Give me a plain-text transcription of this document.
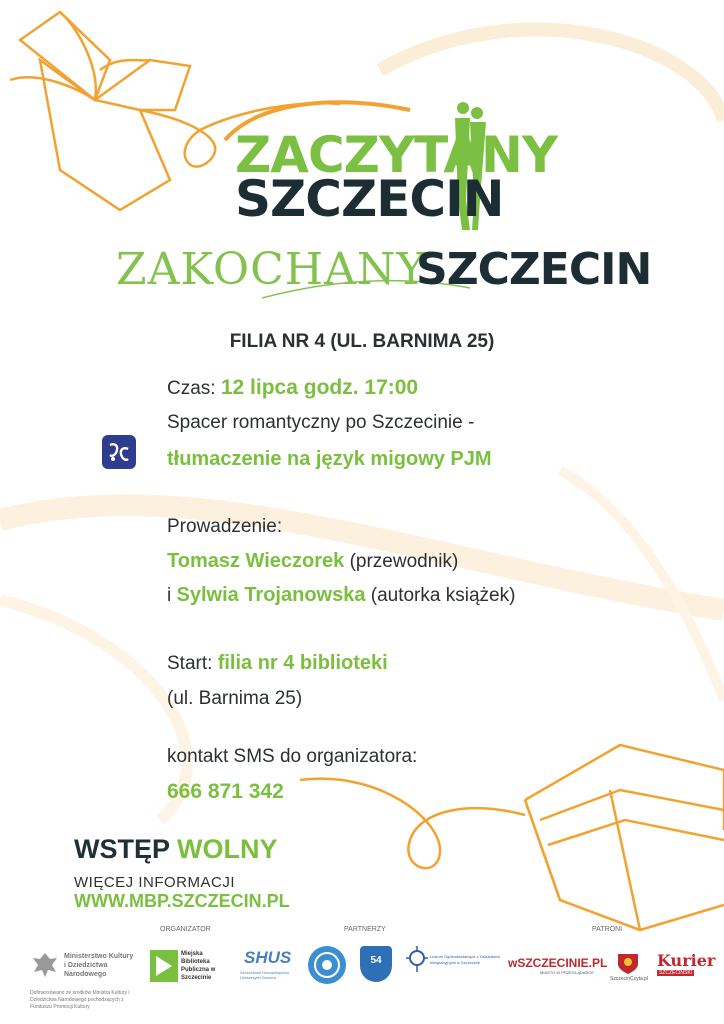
ZACZYTANY
SZCZECIN
ZAKOCHANY
SZCZECIN
FILIA NR 4 (UL. BARNIMA 25)
Czas: 12 lipca godz. 17:00
Spacer romantyczny po Szczecinie -
tłumaczenie na język migowy PJM
Prowadzenie:
Tomasz Wieczorek (przewodnik)
i Sylwia Trojanowska (autorka książek)
Start: filia nr 4 biblioteki
(ul. Barnima 25)
kontakt SMS do organizatora:
666 871 342
WSTĘP WOLNY
WIĘCEJ INFORMACJI
WWW.MBP.SZCZECIN.PL
ORGANIZATOR	PARTNERZY	PATRONI
Ministerstwo Kultury i Dziedzictwa Narodowego
Dofinansowano ze środków Ministra Kultury i Dziedzictwa Narodowego pochodzących z Funduszu Promocji Kultury
Miejska Biblioteka Publiczna w Szczecinie
SHUS
Szczeciński Humanistyczny Uniwersytet Seniora
54	Liceum Ogólnokształcące z Oddziałami Integracyjnymi w Szczecinie	wSZCZECINIE.PL
MIASTO W PRZEGLĄDARCE
SzczecinCzyta.pl
Kurier
SZCZECIŃSKI
